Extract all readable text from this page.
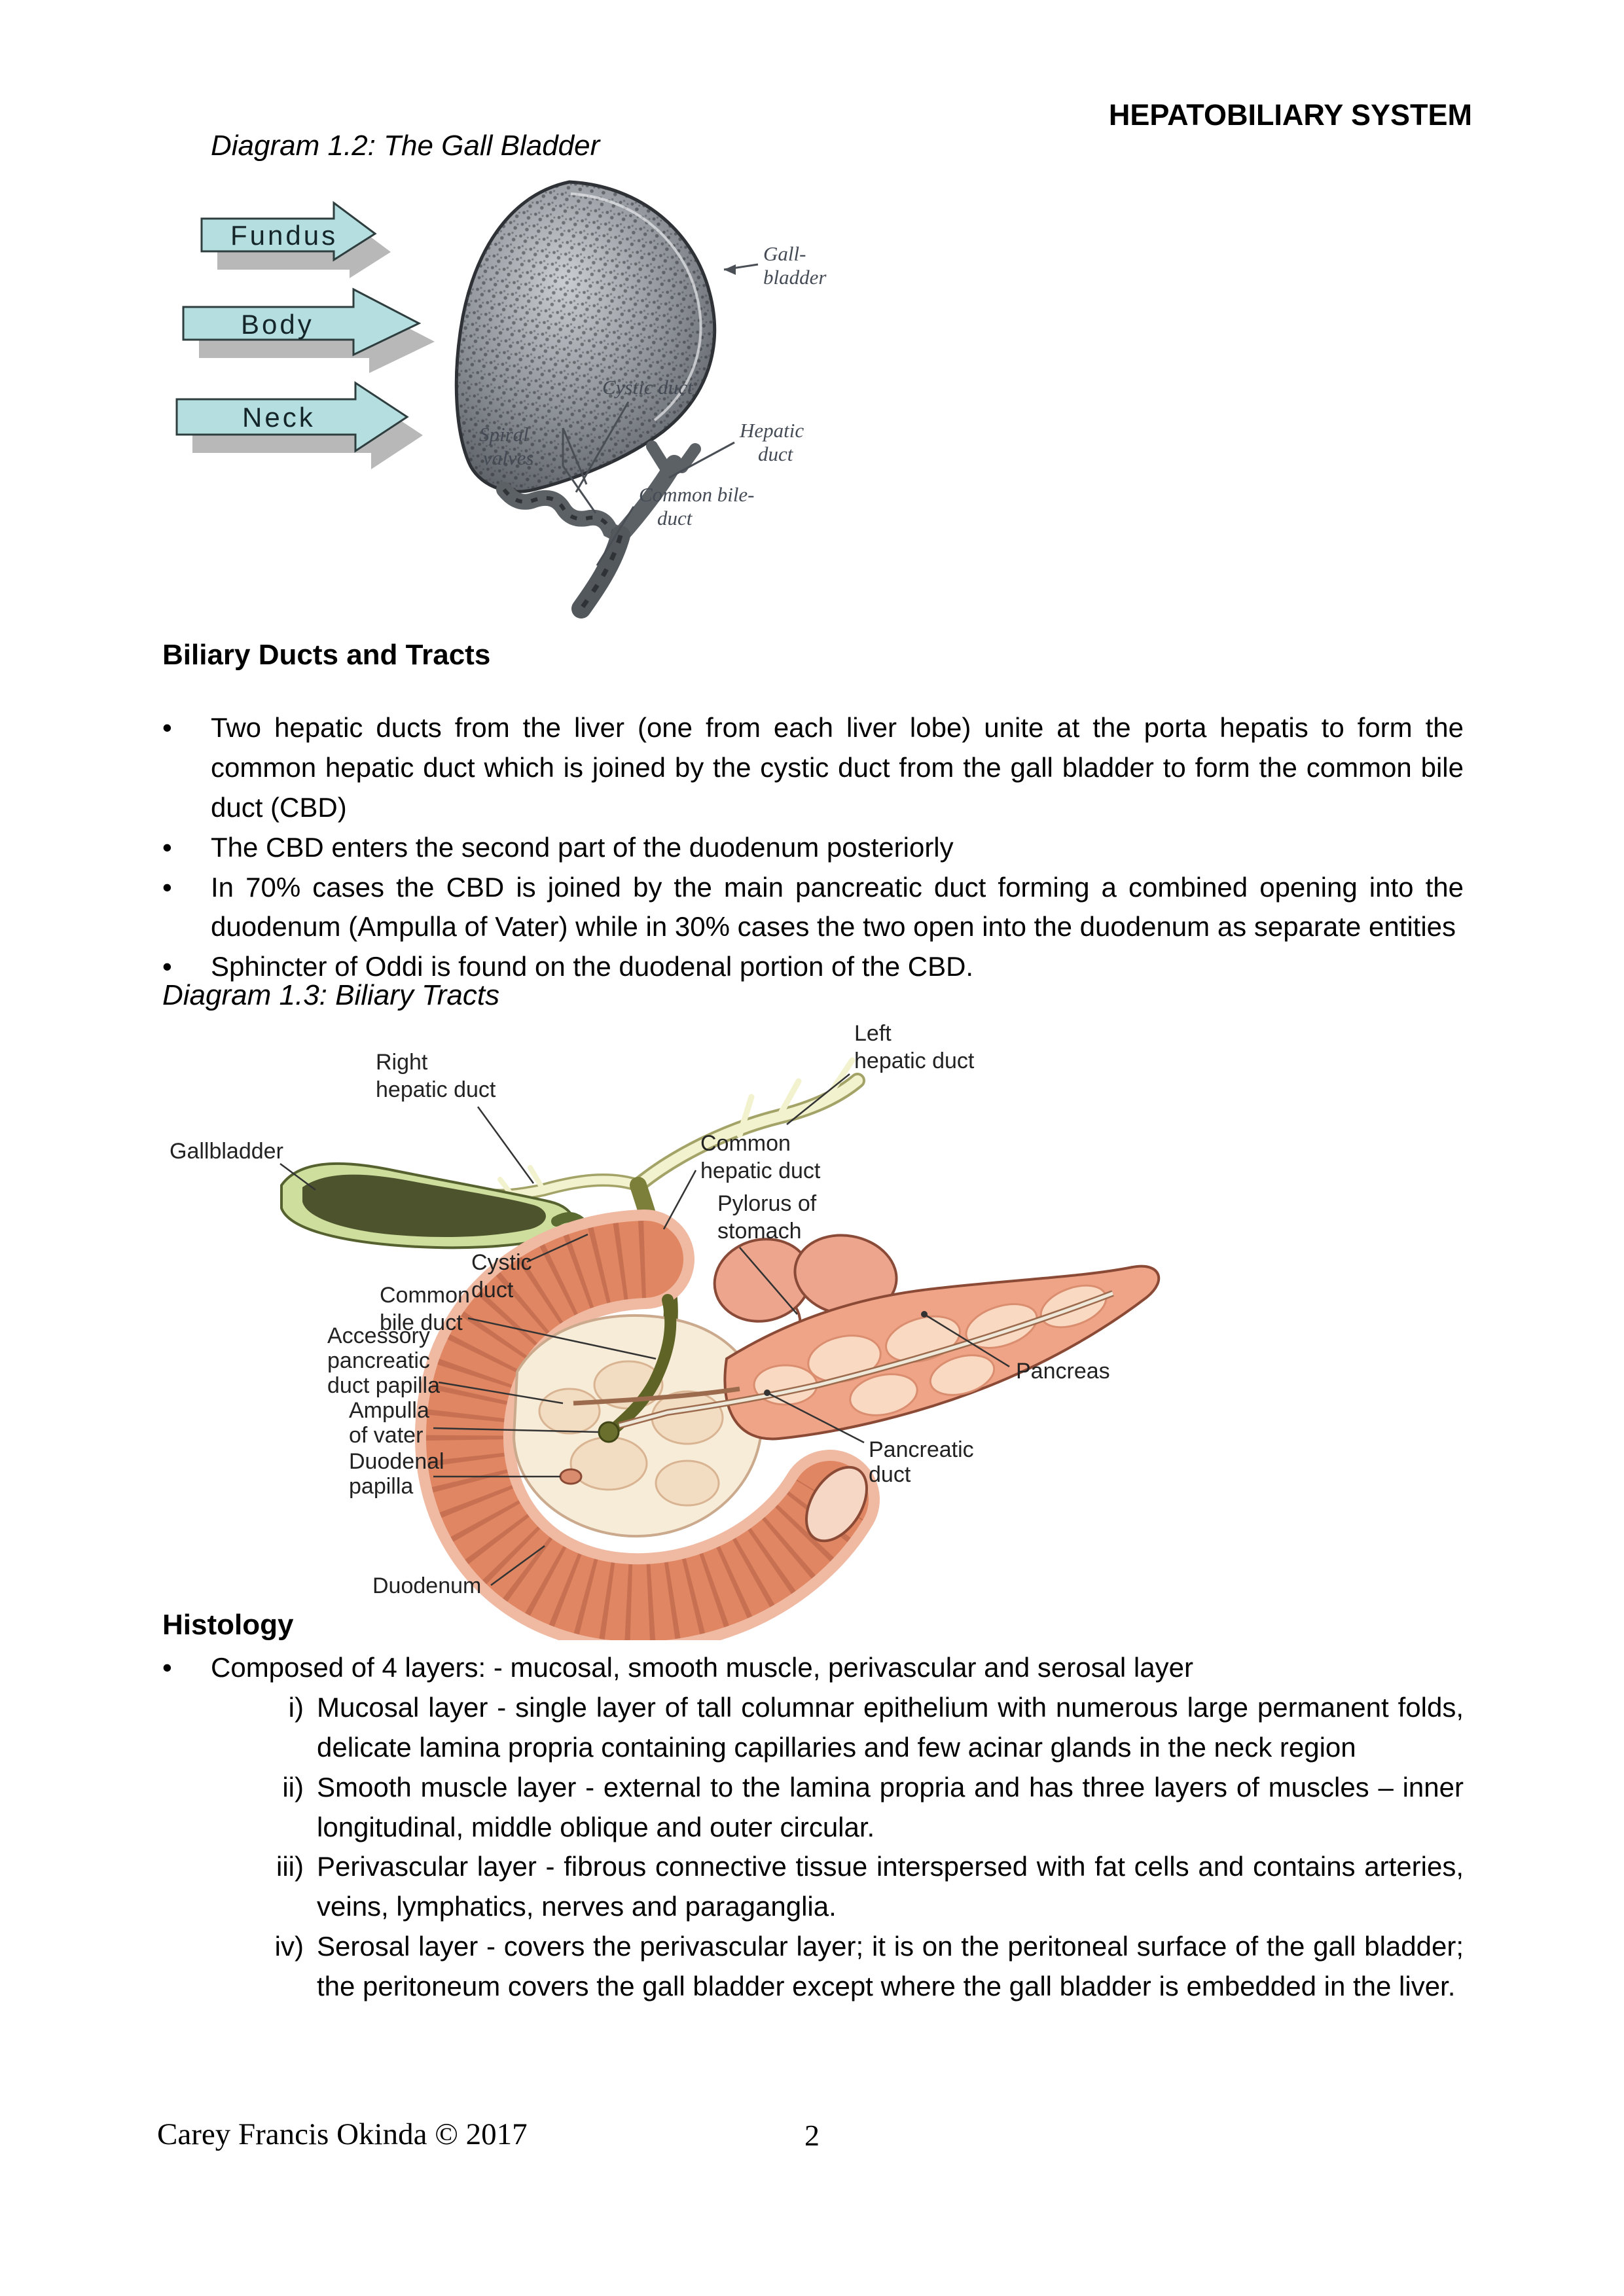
HEPATOBILIARY SYSTEM
Diagram 1.2: The Gall Bladder
Fundus
Body
Neck
Gall-
bladder
Cystic duct
Hepatic
duct
Spiral
valves
Common bile-
duct
Biliary Ducts and Tracts
•
Two hepatic ducts from the liver (one from each liver lobe) unite at the porta hepatis to form the common hepatic duct which is joined by the cystic duct from the gall bladder to form the common bile duct (CBD)
•
The CBD enters the second part of the duodenum posteriorly
•
In 70% cases the CBD is joined by the main pancreatic duct forming a combined opening into the duodenum (Ampulla of Vater) while in 30% cases the two open into the duodenum as separate entities
•
Sphincter of Oddi is found on the duodenal portion of the CBD.
Diagram 1.3: Biliary Tracts
Right
hepatic duct
Left
hepatic duct
Gallbladder	Common
hepatic duct
Pylorus of
stomach
Cystic
duct
Common
bile duct
Accessory
pancreatic
duct papilla
Ampulla
of vater
Duodenal
papilla
Duodenum
Pancreas
Pancreatic
duct
Histology
•
Composed of 4 layers: - mucosal, smooth muscle, perivascular and serosal layer
i) Mucosal layer - single layer of tall columnar epithelium with numerous large permanent folds, delicate lamina propria containing capillaries and few acinar glands in the neck region
ii) Smooth muscle layer - external to the lamina propria and has three layers of muscles – inner longitudinal, middle oblique and outer circular.
iii) Perivascular layer - fibrous connective tissue interspersed with fat cells and contains arteries, veins, lymphatics, nerves and paraganglia.
iv) Serosal layer - covers the perivascular layer; it is on the peritoneal surface of the gall bladder; the peritoneum covers the gall bladder except where the gall bladder is embedded in the liver.
Carey Francis Okinda © 2017	2
